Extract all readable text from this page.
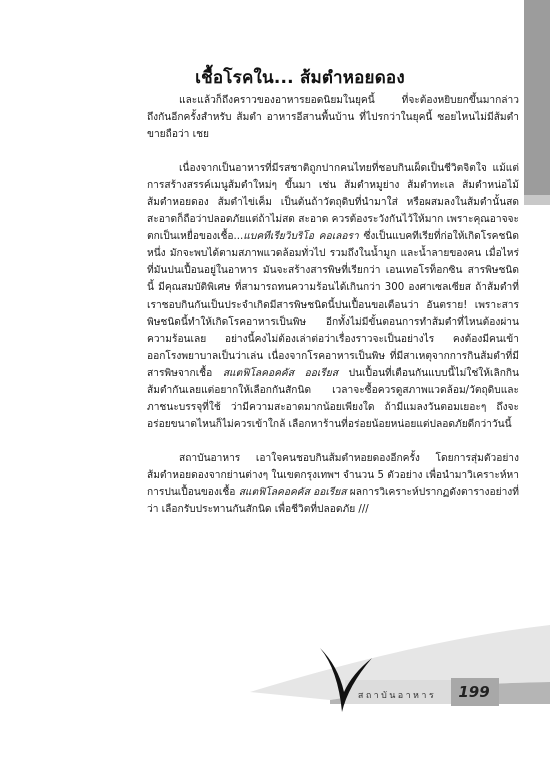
เชื้อโรคใน... ส้มตำหอยดอง

และแล้วก็ถึงคราวของอาหารยอดนิยมในยุคนี้ ที่จะต้องหยิบยกขึ้นมากล่าวถึงกันอีกครั้งสำหรับ ส้มตำ อาหารอีสานพื้นบ้าน ที่ไปรกว่าในยุคนี้ ซอยไหนไม่มีส้มตำขายถือว่า เชย

เนื่องจากเป็นอาหารที่มีรสชาติถูกปากคนไทยที่ชอบกินเผ็ดเป็นชีวิตจิตใจ แม้แต่การสร้างสรรค์เมนูส้มตำใหม่ๆ ขึ้นมา เช่น ส้มตำหมูย่าง ส้มตำทะเล ส้มตำหน่อไม้ ส้มตำหอยดอง ส้มตำไข่เค็ม เป็นต้นถ้าวัตถุดิบที่นำมาใส่ หรือผสมลงในส้มตำนั้นสด สะอาดก็ถือว่าปลอดภัยแต่ถ้าไม่สด สะอาด ควรต้องระวังกันไว้ให้มาก เพราะคุณอาจจะตกเป็นเหยื่อของเชื้อ...แบคทีเรียวิบริโอ คอเลอรา ซึ่งเป็นแบคทีเรียที่ก่อให้เกิดโรคชนิดหนึ่ง มักจะพบได้ตามสภาพแวดล้อมทั่วไป รวมถึงในน้ำมูก และน้ำลายของคน เมื่อไหร่ที่มันปนเปื้อนอยู่ในอาหาร มันจะสร้างสารพิษที่เรียกว่า เอนเทอโรท็อกซิน สารพิษชนิดนี้ มีคุณสมบัติพิเศษ ที่สามารถทนความร้อนได้เกินกว่า 300 องศาเซลเซียส ถ้าส้มตำที่เราชอบกินกันเป็นประจำเกิดมีสารพิษชนิดนี้ปนเปื้อนขอเตือนว่า อันตราย! เพราะสารพิษชนิดนี้ทำให้เกิดโรคอาหารเป็นพิษ อีกทั้งไม่มีขั้นตอนการทำส้มตำที่ไหนต้องผ่านความร้อนเลย อย่างนี้คงไม่ต้องเล่าต่อว่าเรื่องราวจะเป็นอย่างไร คงต้องมีคนเข้าออกโรงพยาบาลเป็นว่าเล่น เนื่องจากโรคอาหารเป็นพิษ ที่มีสาเหตุจากการกินส้มตำที่มีสารพิษจากเชื้อ สแตฟิโลคอคคัส ออเรียส ปนเปื้อนที่เตือนกันแบบนี้ไม่ใช่ให้เลิกกินส้มตำกันเลยแต่อยากให้เลือกกันสักนิด เวลาจะซื้อควรดูสภาพแวดล้อม/วัตถุดิบและภาชนะบรรจุที่ใช้ ว่ามีความสะอาดมากน้อยเพียงใด ถ้ามีแมลงวันตอมเยอะๆ ถึงจะอร่อยขนาดไหนก็ไม่ควรเข้าใกล้ เลือกหาร้านที่อร่อยน้อยหน่อยแต่ปลอดภัยดีกว่าวันนี้

สถาบันอาหาร เอาใจคนชอบกินส้มตำหอยดองอีกครั้ง โดยการสุ่มตัวอย่างส้มตำหอยดองจากย่านต่างๆ ในเขตกรุงเทพฯ จำนวน 5 ตัวอย่าง เพื่อนำมาวิเคราะห์หาการปนเปื้อนของเชื้อ สแตฟิโลคอคคัส ออเรียส ผลการวิเคราะห์ปรากฏดังตารางอย่างที่ว่า เลือกรับประทานกันสักนิด เพื่อชีวิตที่ปลอดภัย ///

สถาบันอาหาร	199
